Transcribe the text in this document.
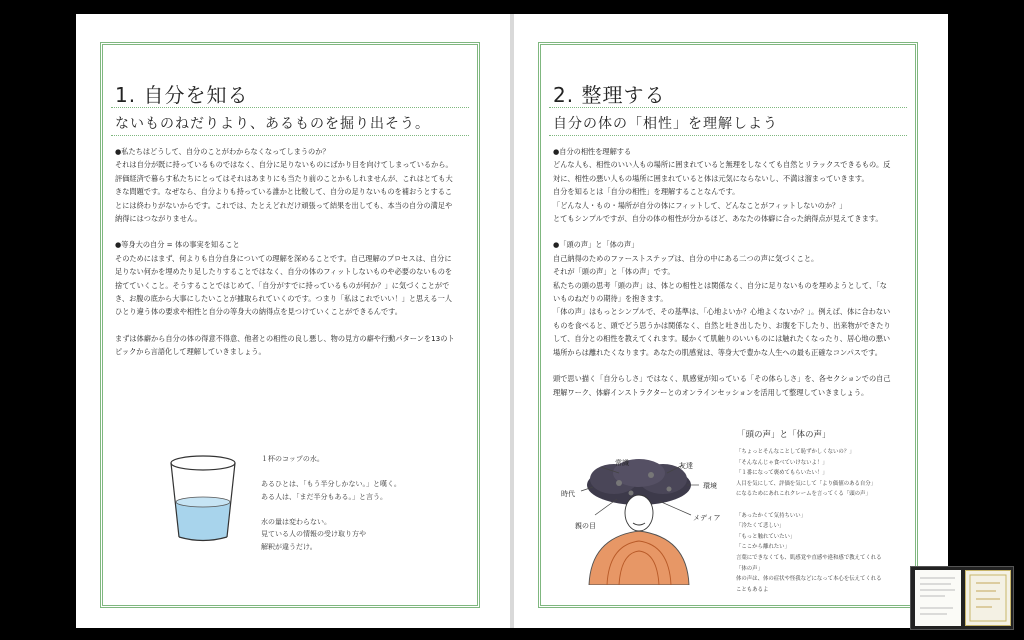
1. 自分を知る
ないものねだりより、あるものを掘り出そう。

●私たちはどうして、自分のことがわからなくなってしまうのか？

それは自分が既に持っているものではなく、自分に足りないものにばかり目を向けてしまっているから。評価経済で暮らす私たちにとってはそれはあまりにも当たり前のことかもしれませんが、これはとても大きな問題です。なぜなら、自分よりも持っている誰かと比較して、自分の足りないものを補おうとすることには終わりがないからです。これでは、たとえどれだけ頑張って結果を出しても、本当の自分の満足や納得にはつながりません。

●等身大の自分 = 体の事実を知ること

そのためにはまず、何よりも自分自身についての理解を深めることです。自己理解のプロセスは、自分に足りない何かを埋めたり足したりすることではなく、自分の体のフィットしないものや必要のないものを捨てていくこと。そうすることではじめて、「自分がすでに持っているものが何か？」に気づくことができ、お腹の底から大事にしたいことが據取られていくのです。つまり「私はこれでいい！」と思える一人ひとり違う体の要求や相性と自分の等身大の納得点を見つけていくことができるんです。

まずは体癖から自分の体の得意不得意、他者との相性の良し悪し、物の見方の癖や行動パターンを13のトピックから言語化して理解していきましょう。

１杯のコップの水。

あるひとは、「もう半分しかない。」と嘆く。

ある人は、「まだ半分もある。」と言う。

水の量は変わらない。

見ている人の情報の受け取り方や

解釈が違うだけ。

2. 整理する
自分の体の「相性」を理解しよう

●自分の相性を理解する

どんな人も、相性のいい人もの場所に囲まれていると無理をしなくても自然とリラックスできるもの。反対に、相性の悪い人もの場所に囲まれていると体は元気にならないし、不満は溜まっていきます。

自分を知るとは「自分の相性」を理解することなんです。

「どんな人・もの・場所が自分の体にフィットして、どんなことがフィットしないのか？」

とてもシンプルですが、自分の体の相性が分かるほど、あなたの体癖に合った納得点が見えてきます。

●「頭の声」と「体の声」

自己納得のためのファーストステップは、自分の中にある二つの声に気づくこと。

それが「頭の声」と「体の声」です。

私たちの頭の思考「頭の声」は、体との相性とは関係なく、自分に足りないものを埋めようとして、「ないものねだりの期待」を抱きます。

「体の声」はもっとシンプルで、その基準は、「心地よいか？心地よくないか？」。例えば、体に合わないものを食べると、頭でどう思うかは関係なく、自然と吐き出したり、お腹を下したり、出来物ができたりして、自分との相性を教えてくれます。暖かくて肌触りのいいものには触れたくなったり、居心地の悪い場所からは離れたくなります。あなたの肌感覚は、等身大で豊かな人生への最も正確なコンパスです。

頭で思い描く「自分らしさ」ではなく、肌感覚が知っている「その体らしさ」を、各セクションでの自己理解ワーク、体癖インストラクターとのオンラインセッションを活用して整理していきましょう。

「頭の声」と「体の声」
常識	友達
時代
環境
親の目
メディア

「ちょっとそんなことして恥ずかしくないの？」

「そんなんじゃ食べていけないよ！」

「１番になって褒めてもらいたい！」

人目を気にして、評価を気にして「より価値のある自分」

になるためにあれこれクレームを言ってくる「頭の声」

「あったかくて気持ちいい」

「冷たくて悲しい」

「もっと触れていたい」

「ここから離れたい」

言葉にできなくても、肌感覚や直感や違和感で教えてくれる

「体の声」

体の声は、体の症状や怪我などになって本心を伝えてくれる

こともあるよ
